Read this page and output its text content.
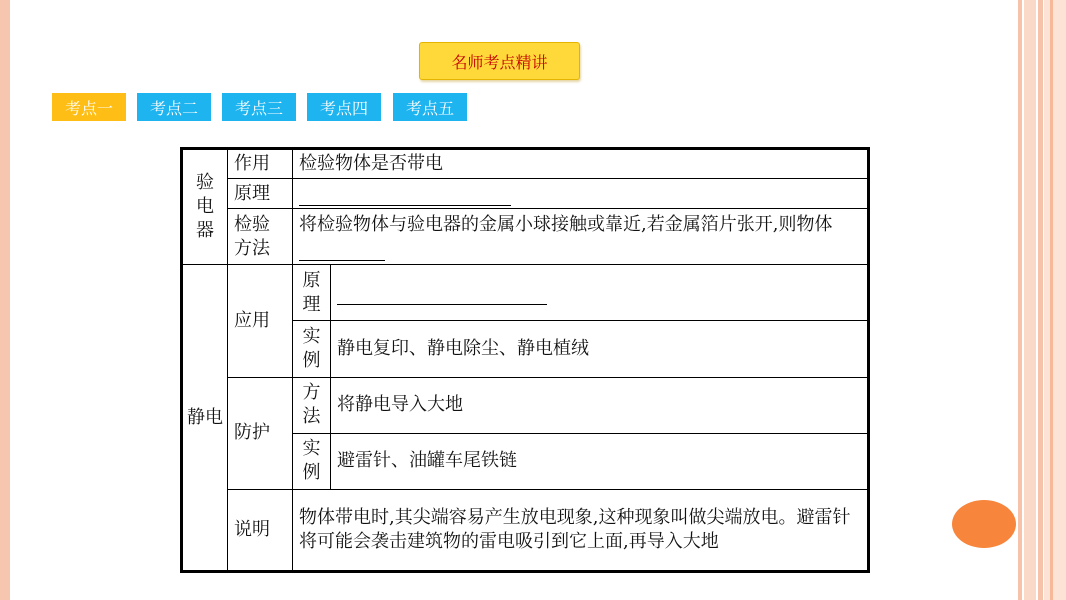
名师考点精讲
考点一	考点二	考点三	考点四	考点五
验电器	作用	检验物体是否带电	
	原理		
	检验方法	将检验物体与验电器的金属小球接触或靠近,若金属箔片张开,则物体	
静电	应用	原理	
		实例	静电复印、静电除尘、静电植绒
	防护	方法	将静电导入大地
		实例	避雷针、油罐车尾铁链
	说明	物体带电时,其尖端容易产生放电现象,这种现象叫做尖端放电。避雷针将可能会袭击建筑物的雷电吸引到它上面,再导入大地	
